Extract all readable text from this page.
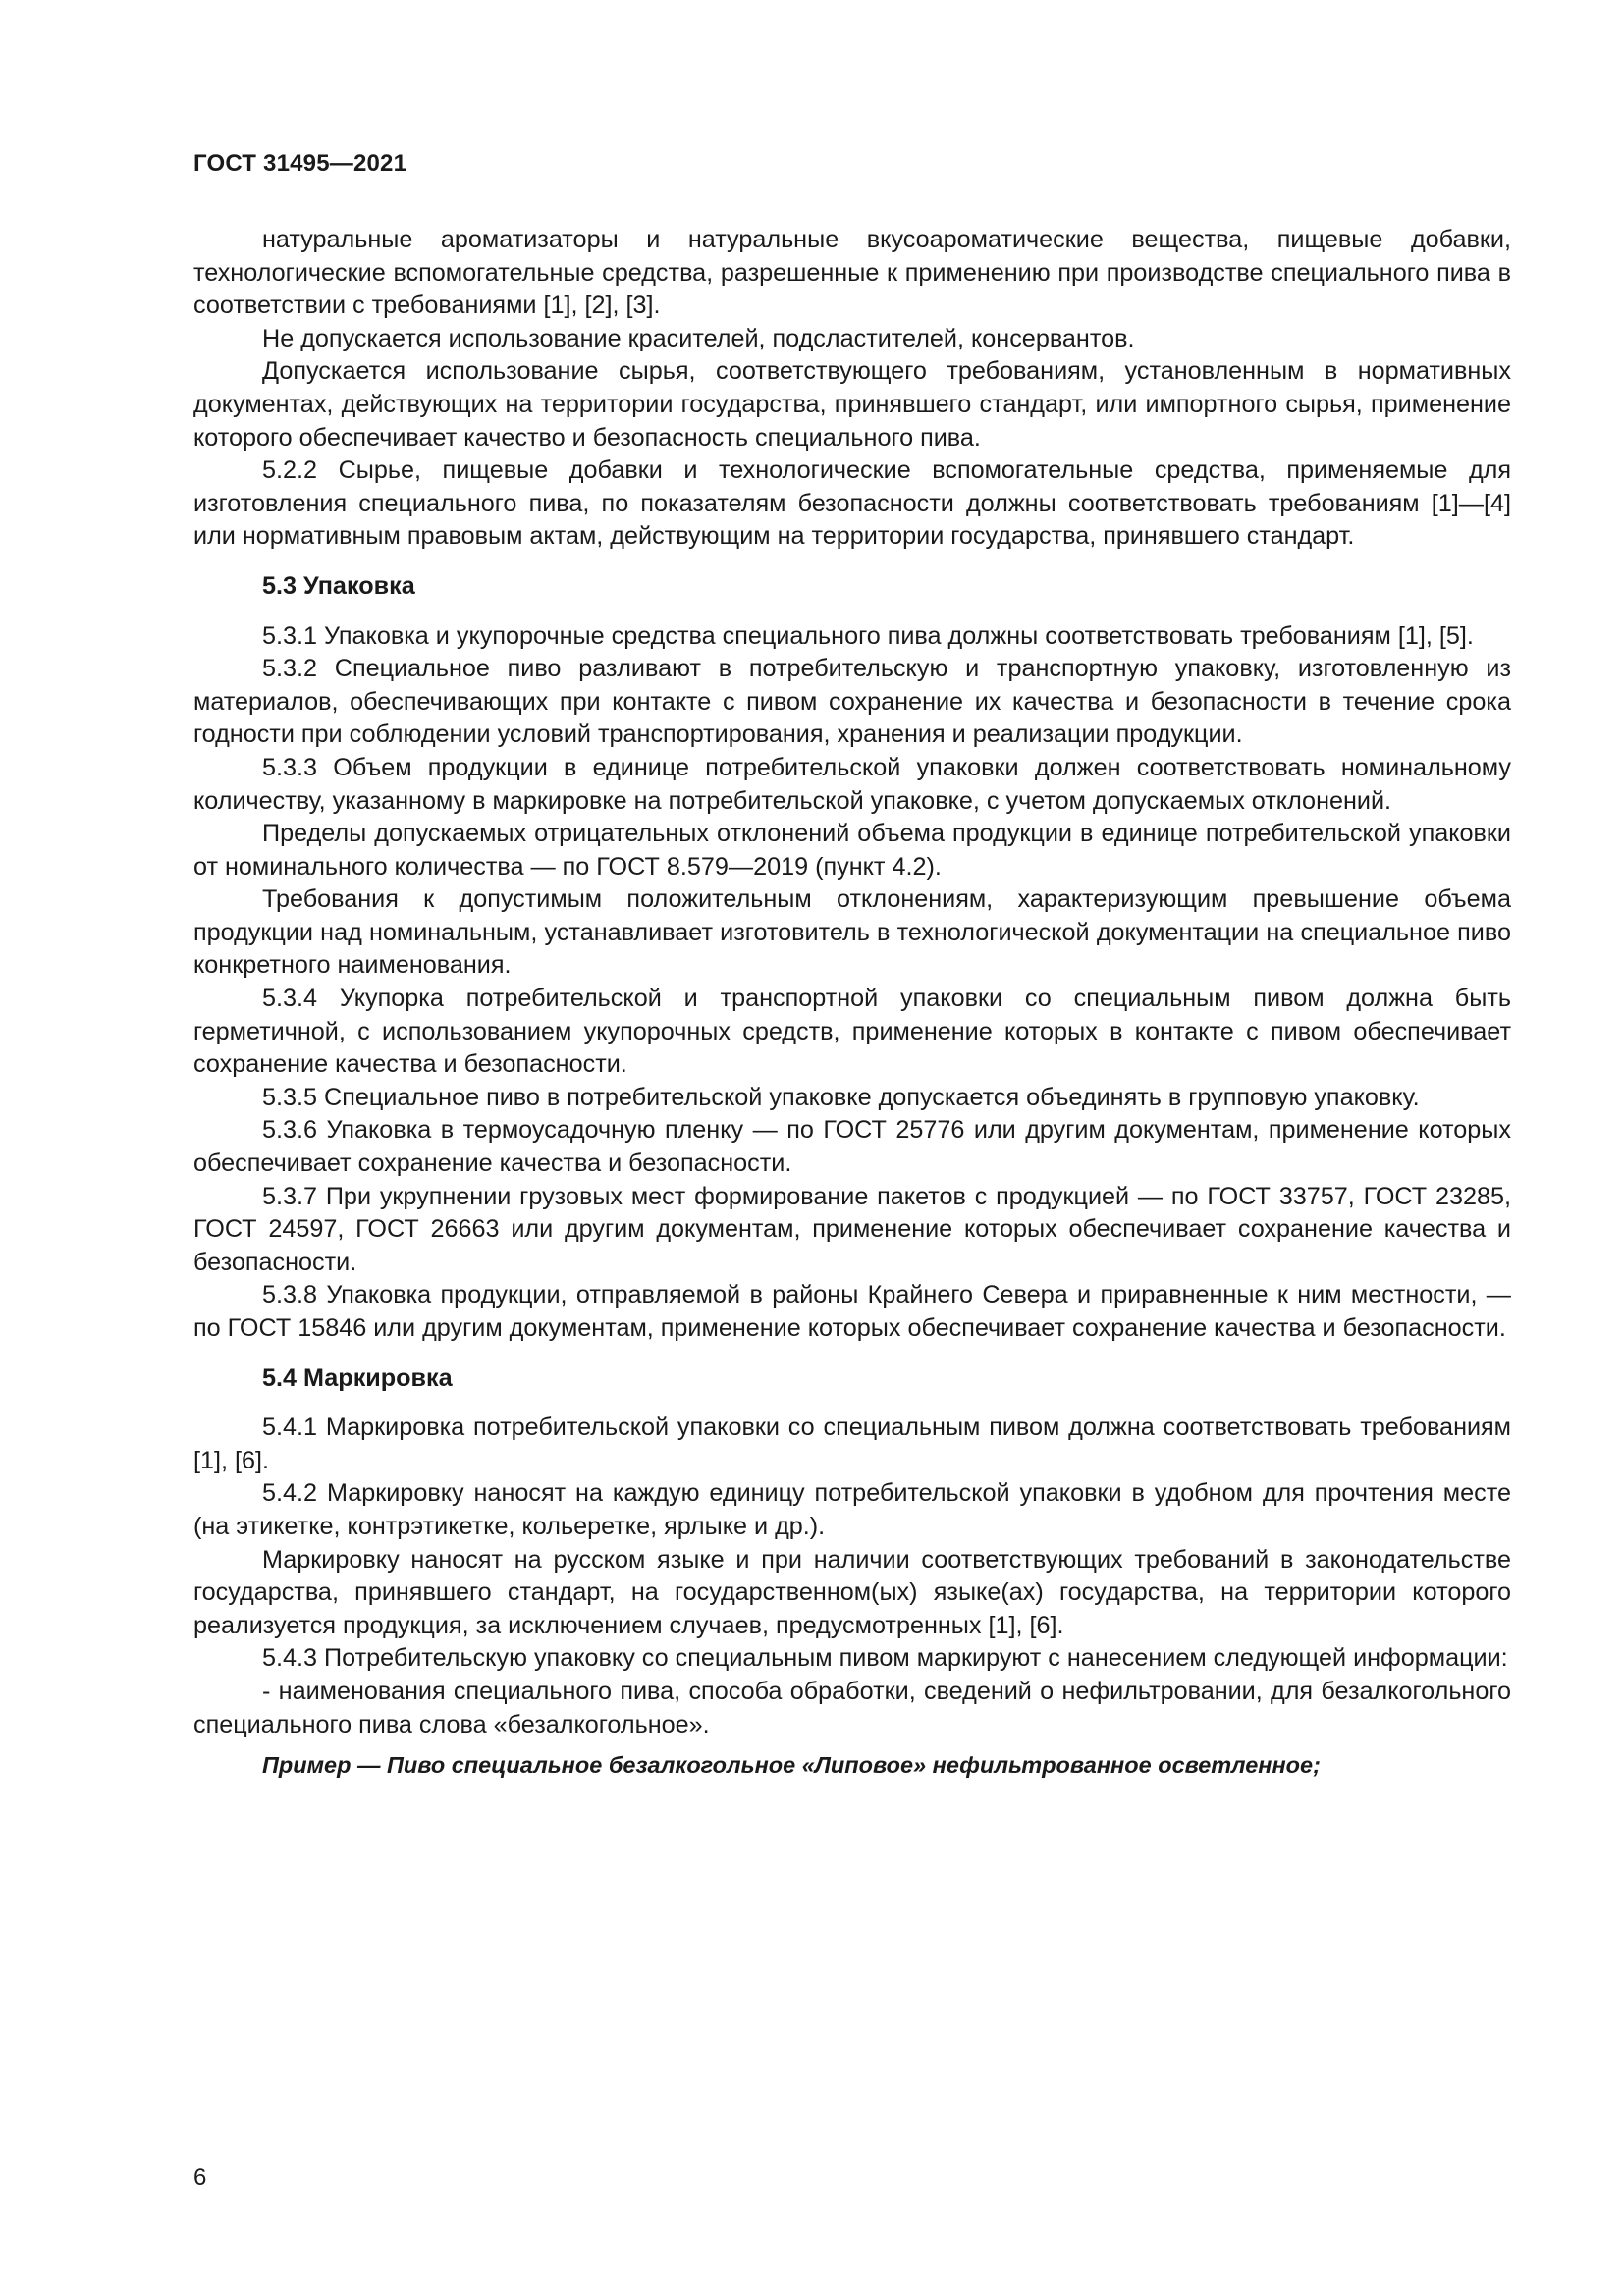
ГОСТ 31495—2021

натуральные ароматизаторы и натуральные вкусоароматические вещества, пищевые добавки, технологические вспомогательные средства, разрешенные к применению при производстве специального пива в соответствии с требованиями [1], [2], [3].

Не допускается использование красителей, подсластителей, консервантов.

Допускается использование сырья, соответствующего требованиям, установленным в нормативных документах, действующих на территории государства, принявшего стандарт, или импортного сырья, применение которого обеспечивает качество и безопасность специального пива.

5.2.2 Сырье, пищевые добавки и технологические вспомогательные средства, применяемые для изготовления специального пива, по показателям безопасности должны соответствовать требованиям [1]—[4] или нормативным правовым актам, действующим на территории государства, принявшего стандарт.

5.3 Упаковка

5.3.1 Упаковка и укупорочные средства специального пива должны соответствовать требованиям [1], [5].

5.3.2 Специальное пиво разливают в потребительскую и транспортную упаковку, изготовленную из материалов, обеспечивающих при контакте с пивом сохранение их качества и безопасности в течение срока годности при соблюдении условий транспортирования, хранения и реализации продукции.

5.3.3 Объем продукции в единице потребительской упаковки должен соответствовать номинальному количеству, указанному в маркировке на потребительской упаковке, с учетом допускаемых отклонений.

Пределы допускаемых отрицательных отклонений объема продукции в единице потребительской упаковки от номинального количества — по ГОСТ 8.579—2019 (пункт 4.2).

Требования к допустимым положительным отклонениям, характеризующим превышение объема продукции над номинальным, устанавливает изготовитель в технологической документации на специальное пиво конкретного наименования.

5.3.4 Укупорка потребительской и транспортной упаковки со специальным пивом должна быть герметичной, с использованием укупорочных средств, применение которых в контакте с пивом обеспечивает сохранение качества и безопасности.

5.3.5 Специальное пиво в потребительской упаковке допускается объединять в групповую упаковку.

5.3.6 Упаковка в термоусадочную пленку — по ГОСТ 25776 или другим документам, применение которых обеспечивает сохранение качества и безопасности.

5.3.7 При укрупнении грузовых мест формирование пакетов с продукцией — по ГОСТ 33757, ГОСТ 23285, ГОСТ 24597, ГОСТ 26663 или другим документам, применение которых обеспечивает сохранение качества и безопасности.

5.3.8 Упаковка продукции, отправляемой в районы Крайнего Севера и приравненные к ним местности, — по ГОСТ 15846 или другим документам, применение которых обеспечивает сохранение качества и безопасности.

5.4 Маркировка

5.4.1 Маркировка потребительской упаковки со специальным пивом должна соответствовать требованиям [1], [6].

5.4.2 Маркировку наносят на каждую единицу потребительской упаковки в удобном для прочтения месте (на этикетке, контрэтикетке, кольеретке, ярлыке и др.).

Маркировку наносят на русском языке и при наличии соответствующих требований в законодательстве государства, принявшего стандарт, на государственном(ых) языке(ах) государства, на территории которого реализуется продукция, за исключением случаев, предусмотренных [1], [6].

5.4.3 Потребительскую упаковку со специальным пивом маркируют с нанесением следующей информации:

- наименования специального пива, способа обработки, сведений о нефильтровании, для безалкогольного специального пива слова «безалкогольное».

Пример — Пиво специальное безалкогольное «Липовое» нефильтрованное осветленное;

6
